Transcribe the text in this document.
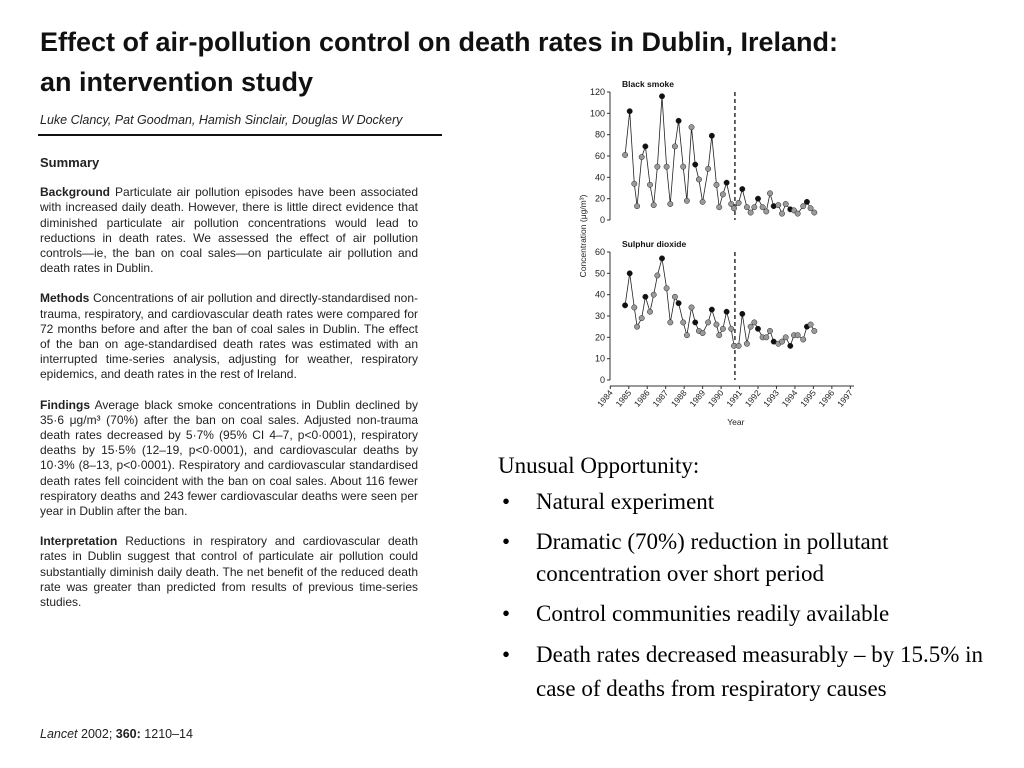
Effect of air-pollution control on death rates in Dublin, Ireland:
an intervention study
Luke Clancy, Pat Goodman, Hamish Sinclair, Douglas W Dockery
Summary

Background Particulate air pollution episodes have been associated with increased daily death. However, there is little direct evidence that diminished particulate air pollution concentrations would lead to reductions in death rates. We assessed the effect of air pollution controls—ie, the ban on coal sales—on particulate air pollution and death rates in Dublin.

Methods Concentrations of air pollution and directly-standardised non-trauma, respiratory, and cardiovascular death rates were compared for 72 months before and after the ban of coal sales in Dublin. The effect of the ban on age-standardised death rates was estimated with an interrupted time-series analysis, adjusting for weather, respiratory epidemics, and death rates in the rest of Ireland.

Findings Average black smoke concentrations in Dublin declined by 35·6 μg/m³ (70%) after the ban on coal sales. Adjusted non-trauma death rates decreased by 5·7% (95% CI 4–7, p<0·0001), respiratory deaths by 15·5% (12–19, p<0·0001), and cardiovascular deaths by 10·3% (8–13, p<0·0001). Respiratory and cardiovascular standardised death rates fell coincident with the ban on coal sales. About 116 fewer respiratory deaths and 243 fewer cardiovascular deaths were seen per year in Dublin after the ban.

Interpretation Reductions in respiratory and cardiovascular death rates in Dublin suggest that control of particulate air pollution could substantially diminish daily death. The net benefit of the reduced death rate was greater than predicted from results of previous time-series studies.

Lancet 2002; 360: 1210–14
0
20
40
60
80
100
120
Black smoke
0
10
20
30
40
50
60
Sulphur dioxide
Concentration (μg/m³)
1984
1985
1986
1987
1988
1989
1990
1991
1992
1993
1994
1995
1996
1997
Year
Unusual Opportunity:
• Natural experiment
• Dramatic (70%) reduction in pollutant concentration over short period
• Control communities readily available
• Death rates decreased measurably – by 15.5% in case of deaths from respiratory causes
